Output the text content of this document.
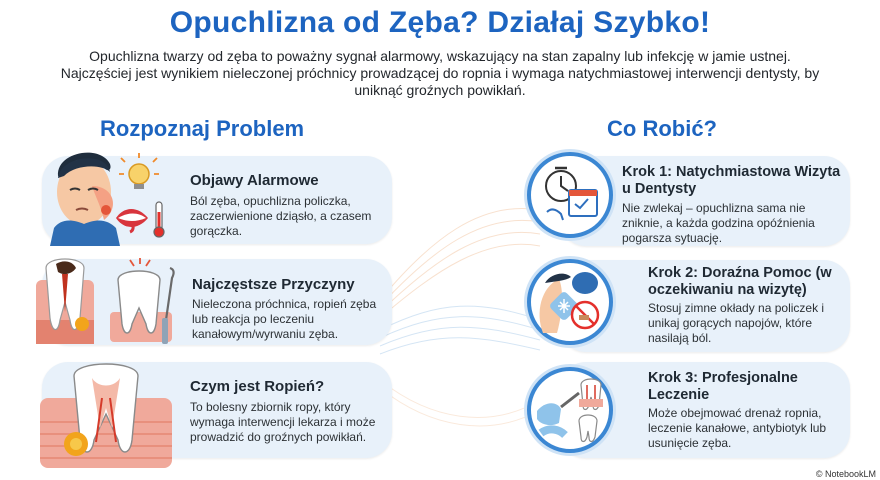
Opuchlizna od Zęba? Działaj Szybko!
Opuchlizna twarzy od zęba to poważny sygnał alarmowy, wskazujący na stan zapalny lub infekcję w jamie ustnej. Najczęściej jest wynikiem nieleczonej próchnicy prowadzącej do ropnia i wymaga natychmiastowej interwencji dentysty, by uniknąć groźnych powikłań.
Rozpoznaj Problem	Co Robić?
Objawy Alarmowe
Ból zęba, opuchlizna policzka, zaczerwienione dziąsło, a czasem gorączka.
Najczęstsze Przyczyny
Nieleczona próchnica, ropień zęba lub reakcja po leczeniu kanałowym/wyrwaniu zęba.
Czym jest Ropień?
To bolesny zbiornik ropy, który wymaga interwencji lekarza i może prowadzić do groźnych powikłań.
Krok 1: Natychmiastowa Wizyta u Dentysty
Nie zwlekaj – opuchlizna sama nie zniknie, a każda godzina opóźnienia pogarsza sytuację.
Krok 2: Doraźna Pomoc (w oczekiwaniu na wizytę)
Stosuj zimne okłady na policzek i unikaj gorących napojów, które nasilają ból.
Krok 3: Profesjonalne Leczenie
Może obejmować drenaż ropnia, leczenie kanałowe, antybiotyk lub usunięcie zęba.
© NotebookLM
